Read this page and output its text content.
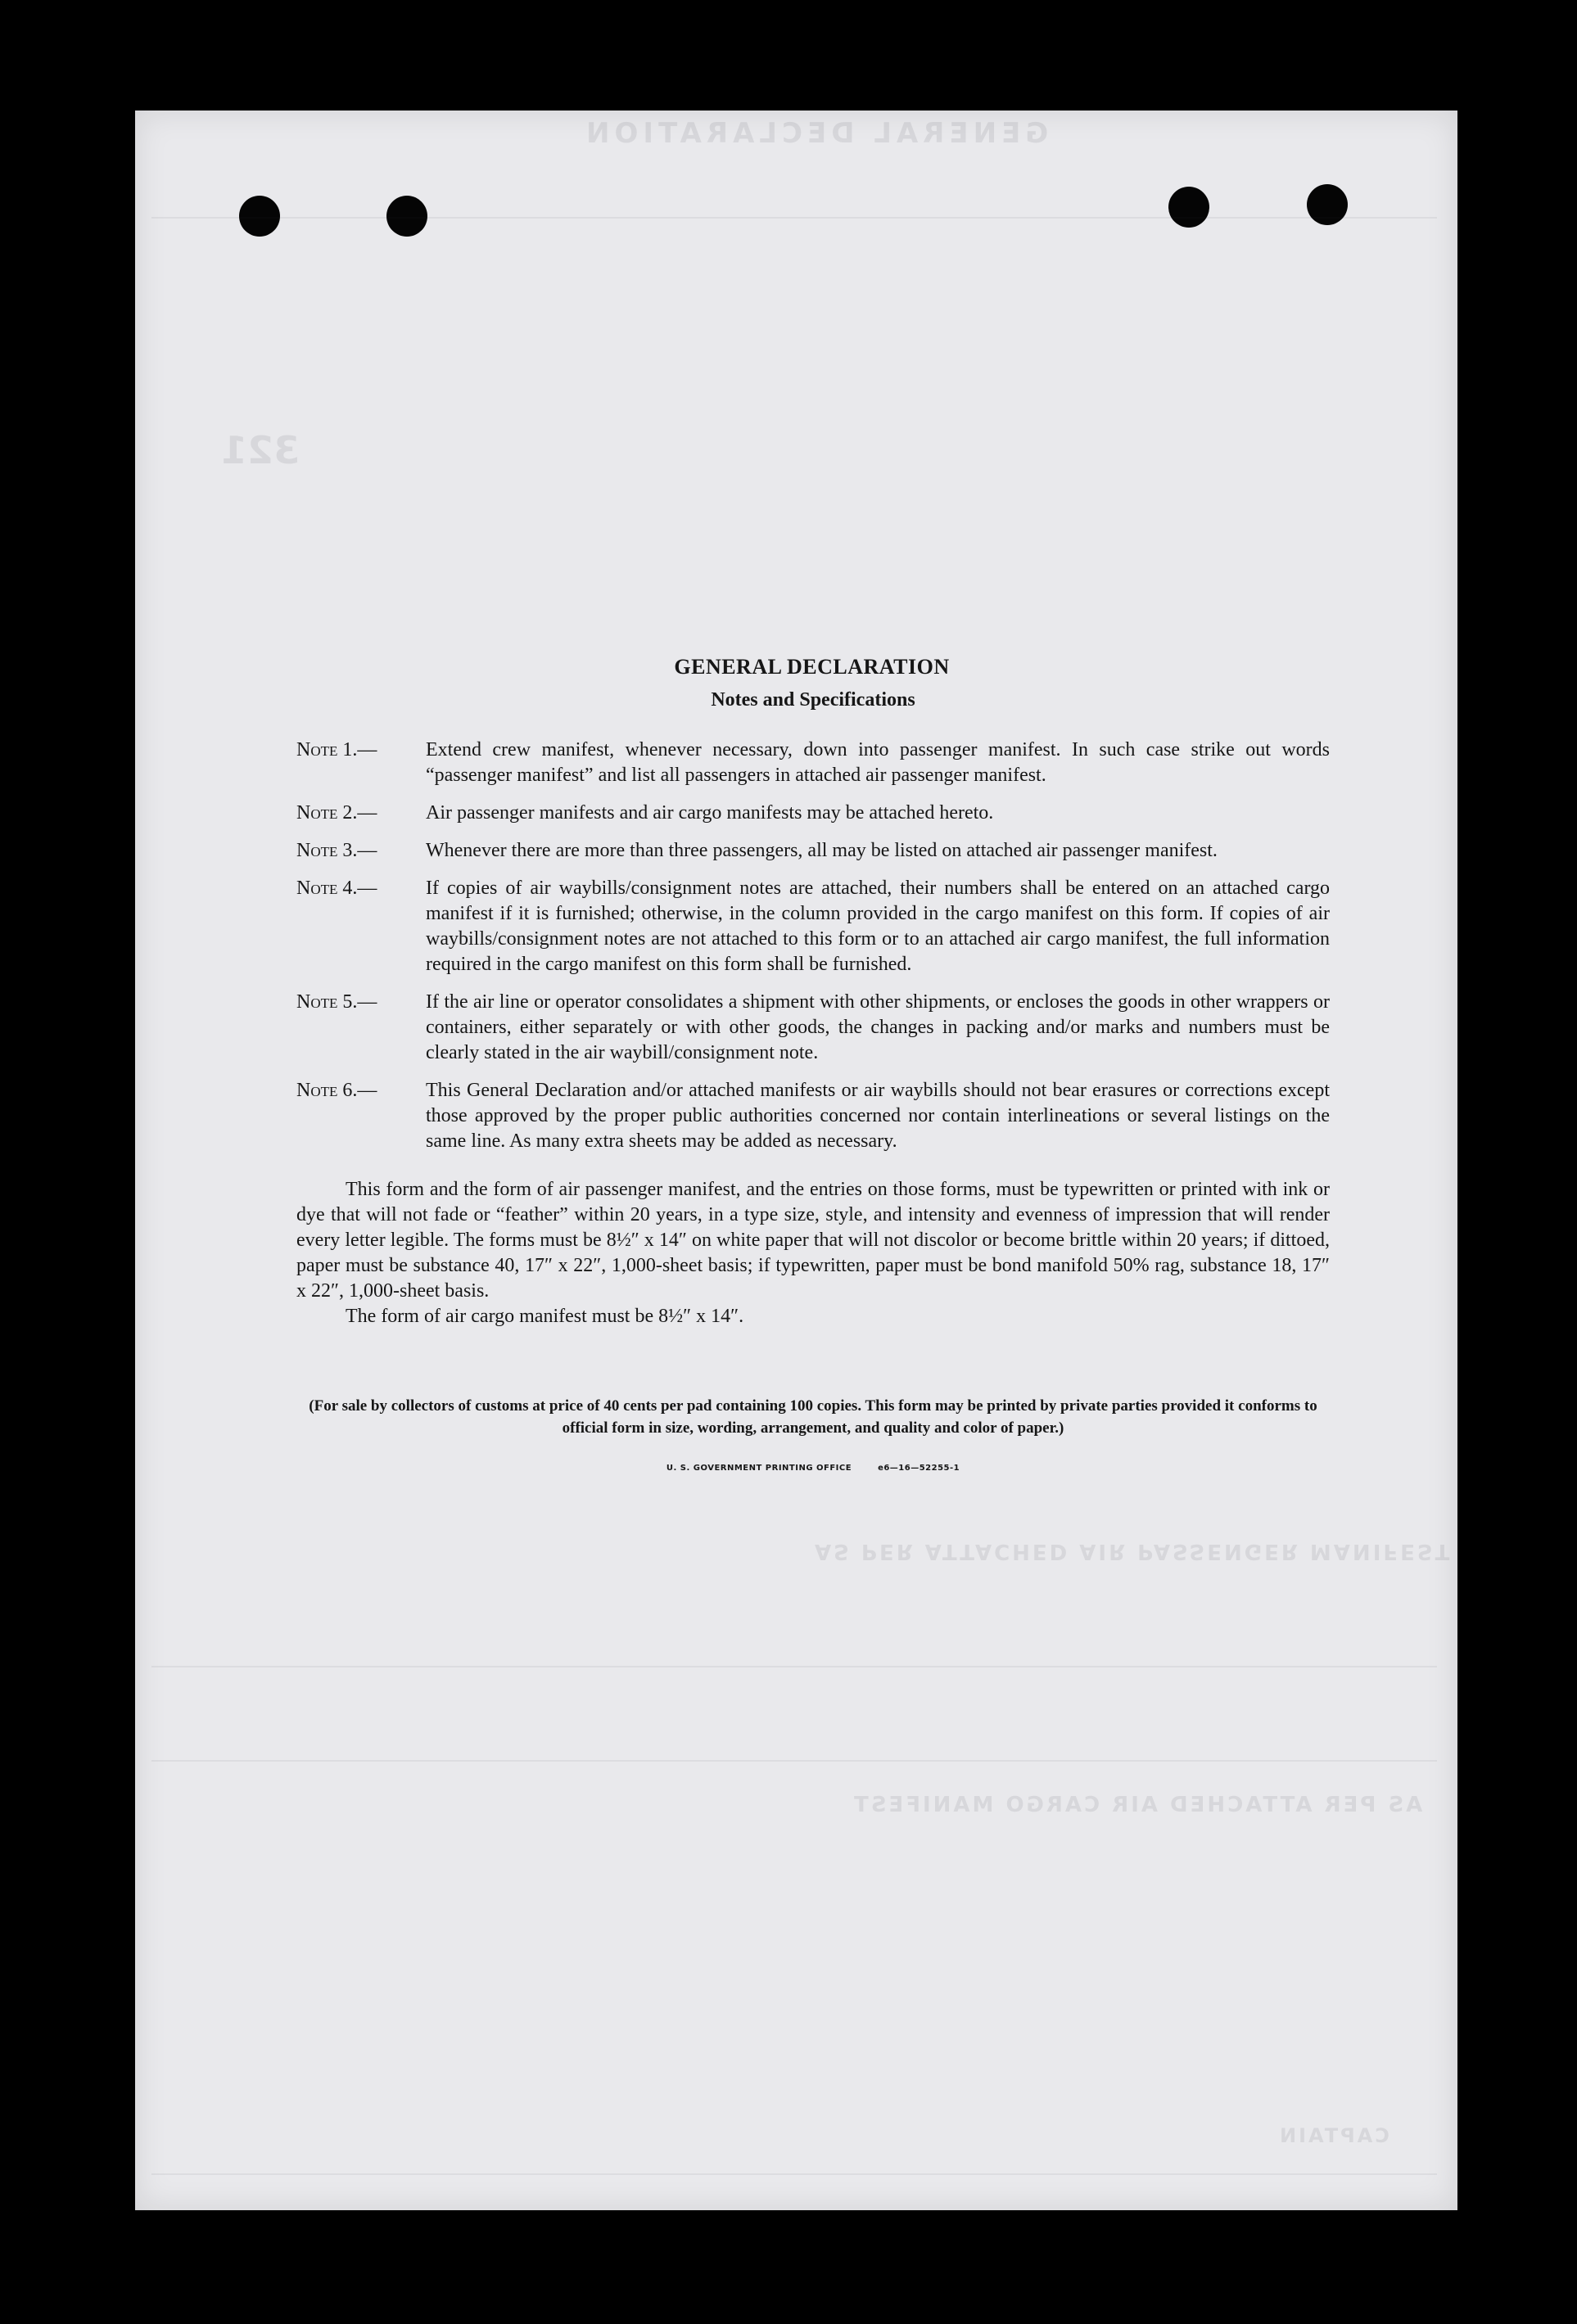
GENERAL DECLARATION
321
AS PER ATTACHED AIR PASSENGER MANIFEST
AS PER ATTACHED AIR CARGO MANIFEST
CAPTAIN
GENERAL DECLARATION
Notes and Specifications
Note 1.— Extend crew manifest, whenever necessary, down into passenger manifest. In such case strike out words “passenger manifest” and list all passengers in attached air passenger manifest.
Note 2.— Air passenger manifests and air cargo manifests may be attached hereto.
Note 3.— Whenever there are more than three passengers, all may be listed on attached air passenger manifest.
Note 4.— If copies of air waybills/consignment notes are attached, their numbers shall be entered on an attached cargo manifest if it is furnished; otherwise, in the column provided in the cargo manifest on this form. If copies of air waybills/consignment notes are not attached to this form or to an attached air cargo manifest, the full information required in the cargo manifest on this form shall be furnished.
Note 5.— If the air line or operator consolidates a shipment with other shipments, or encloses the goods in other wrappers or containers, either separately or with other goods, the changes in packing and/or marks and numbers must be clearly stated in the air waybill/consignment note.
Note 6.— This General Declaration and/or attached manifests or air waybills should not bear erasures or corrections except those approved by the proper public authorities concerned nor contain interlineations or several listings on the same line. As many extra sheets may be added as necessary.
This form and the form of air passenger manifest, and the entries on those forms, must be typewritten or printed with ink or dye that will not fade or “feather” within 20 years, in a type size, style, and intensity and evenness of impression that will render every letter legible. The forms must be 8½″ x 14″ on white paper that will not discolor or become brittle within 20 years; if dittoed, paper must be substance 40, 17″ x 22″, 1,000-sheet basis; if typewritten, paper must be bond manifold 50% rag, substance 18, 17″ x 22″, 1,000-sheet basis.
The form of air cargo manifest must be 8½″ x 14″.
(For sale by collectors of customs at price of 40 cents per pad containing 100 copies. This form may be printed by private parties provided it conforms to official form in size, wording, arrangement, and quality and color of paper.)
U. S. GOVERNMENT PRINTING OFFICE	e6—16—52255-1
